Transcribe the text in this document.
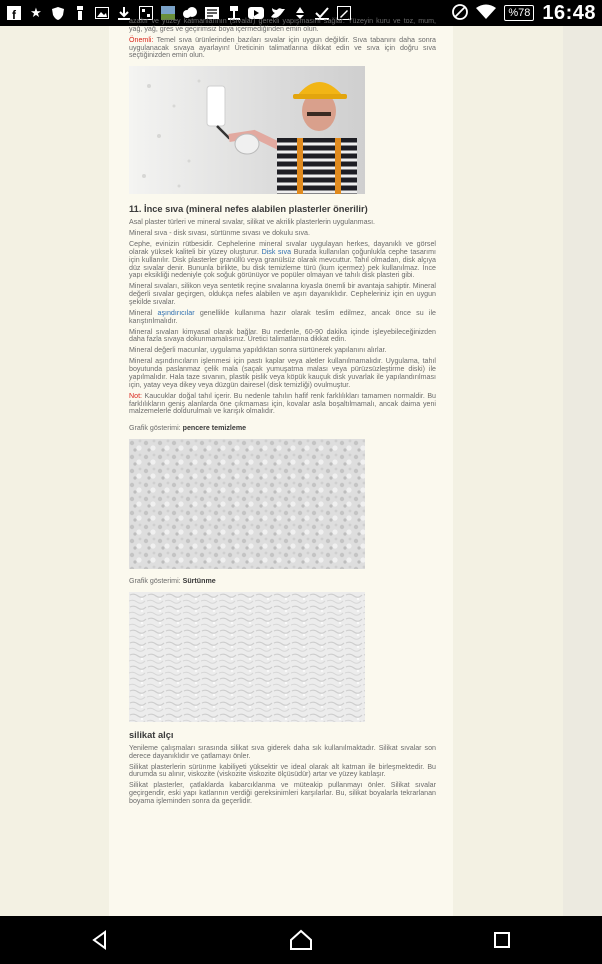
f ★	%78 16:48

azaltır ve yüzey katmanlarının (sıvalar) gerekli yapışmasını sağlar. Yüzeyin kuru ve toz, mum, yağ, yağ, gres ve geçirimsiz boya içermediğinden emin olun.

Önemli: Temel sıva ürünlerinden bazıları sıvalar için uygun değildir. Sıva tabanını daha sonra uygulanacak sıvaya ayarlayın! Üreticinin talimatlarına dikkat edin ve sıva için doğru sıva seçtiğinizden emin olun.

11. İnce sıva (mineral nefes alabilen plasterler önerilir)

Asal plaster türleri ve mineral sıvalar, silikat ve akrilik plasterlerin uygulanması.

Mineral sıva - disk sıvası, sürtünme sıvası ve dokulu sıva.

Cephe, evinizin rütbesidir. Cephelerine mineral sıvalar uygulayan herkes, dayanıklı ve görsel olarak yüksek kaliteli bir yüzey oluşturur. Disk sıva Burada kullanılan çoğunlukla cephe tasarımı için kullanılır. Disk plasterler granüllü veya granülsüz olarak mevcuttur. Tahıl olmadan, disk alçıya düz sıvalar denir. Bununla birlikte, bu disk temizleme türü (kum içermez) pek kullanılmaz. İnce yapı eksikliği nedeniyle çok soğuk görünüyor ve popüler olmayan ve tahılı disk plasteri gibi.

Mineral sıvaları, silikon veya sentetik reçine sıvalarına kıyasla önemli bir avantaja sahiptir. Mineral değerli sıvalar geçirgen, oldukça nefes alabilen ve aşırı dayanıklıdır. Cepheleriniz için en uygun şekilde sıvalar.

Mineral aşındırıcılar genellikle kullanıma hazır olarak teslim edilmez, ancak önce su ile karıştırılmalıdır.

Mineral sıvaları kimyasal olarak bağlar. Bu nedenle, 60-90 dakika içinde işleyebileceğinizden daha fazla sıvaya dokunmamalısınız. Üretici talimatlarına dikkat edin.

Mineral değerli macunlar, uygulama yapıldıktan sonra sürtünerek yapılanını alırlar.

Mineral aşındırıcıların işlenmesi için pastı kaplar veya aletler kullanılmamalıdır. Uygulama, tahıl boyutunda paslanmaz çelik mala (saçak yumuşatma malası veya pürüzsüzleştirme diski) ile yapılmalıdır. Hala taze sıvanın, plastik pislik veya köpük kauçuk disk yuvarlak ile yapılandırılması için, yatay veya dikey veya düzgün dairesel (disk temizliği) ovulmuştur.

Not: Kaucuklar doğal tahıl içerir. Bu nedenle tahılın hafif renk farklılıkları tamamen normaldir. Bu farklılıkların geniş alanlarda öne çıkmaması için, kovalar asla boşaltılmamalı, ancak daima yeni malzemelerle doldurulmalı ve karışık olmalıdır.

Grafik gösterimi: pencere temizleme
Grafik gösterimi: Sürtünme
silikat alçı

Yenileme çalışmaları sırasında silikat sıva giderek daha sık kullanılmaktadır. Silikat sıvalar son derece dayanıklıdır ve çatlamayı önler.

Silikat plasterlerin sürünme kabiliyeti yüksektir ve ideal olarak alt katman ile birleşmektedir. Bu durumda su alınır, viskozite (viskozite viskozite ölçüsüdür) artar ve yüzey katılaşır.

Silikat plasterler, çatlaklarda kabarcıklanma ve müteakip pullanmayı önler. Silikat sıvalar geçirgendir, eski yapı katlarının verdiği gereksinimleri karşılarlar. Bu, silikat boyalarla tekrarlanan boyama işleminden sonra da geçerlidir.
